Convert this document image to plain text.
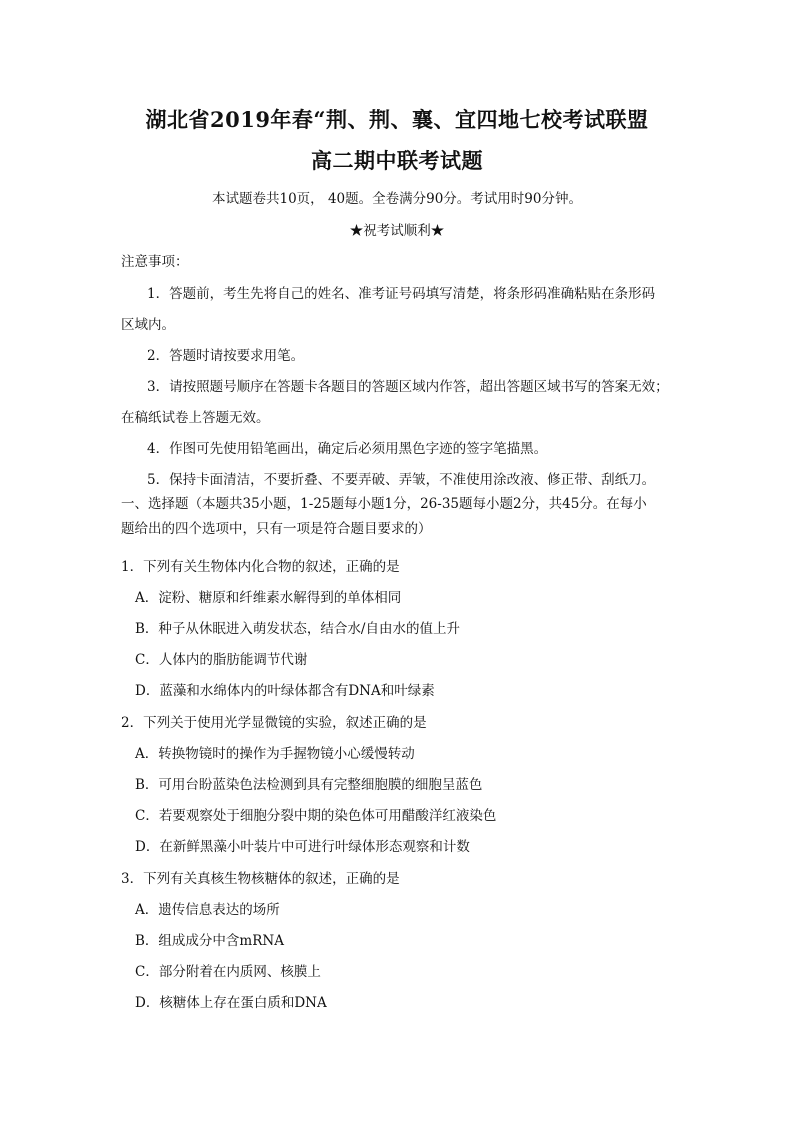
湖北省2019年春“荆、荆、襄、宜四地七校考试联盟
高二期中联考试题
本试题卷共10页， 40题。全卷满分90分。考试用时90分钟。
★祝考试顺利★
注意事项：
1．答题前，考生先将自己的姓名、准考证号码填写清楚，将条形码准确粘贴在条形码
区域内。
2．答题时请按要求用笔。
3．请按照题号顺序在答题卡各题目的答题区域内作答，超出答题区域书写的答案无效；
在稿纸试卷上答题无效。
4．作图可先使用铅笔画出，确定后必须用黑色字迹的签字笔描黑。
5．保持卡面清洁，不要折叠、不要弄破、弄皱，不准使用涂改液、修正带、刮纸刀。
一、选择题（本题共35小题，1-25题每小题1分，26-35题每小题2分，共45分。在每小
题给出的四个选项中，只有一项是符合题目要求的）
1．下列有关生物体内化合物的叙述，正确的是
A．淀粉、糖原和纤维素水解得到的单体相同
B．种子从休眠进入萌发状态，结合水/自由水的值上升
C．人体内的脂肪能调节代谢
D．蓝藻和水绵体内的叶绿体都含有DNA和叶绿素
2．下列关于使用光学显微镜的实验，叙述正确的是
A．转换物镜时的操作为手握物镜小心缓慢转动
B．可用台盼蓝染色法检测到具有完整细胞膜的细胞呈蓝色
C．若要观察处于细胞分裂中期的染色体可用醋酸洋红液染色
D．在新鲜黑藻小叶装片中可进行叶绿体形态观察和计数
3．下列有关真核生物核糖体的叙述，正确的是
A．遗传信息表达的场所
B．组成成分中含mRNA
C．部分附着在内质网、核膜上
D．核糖体上存在蛋白质和DNA
